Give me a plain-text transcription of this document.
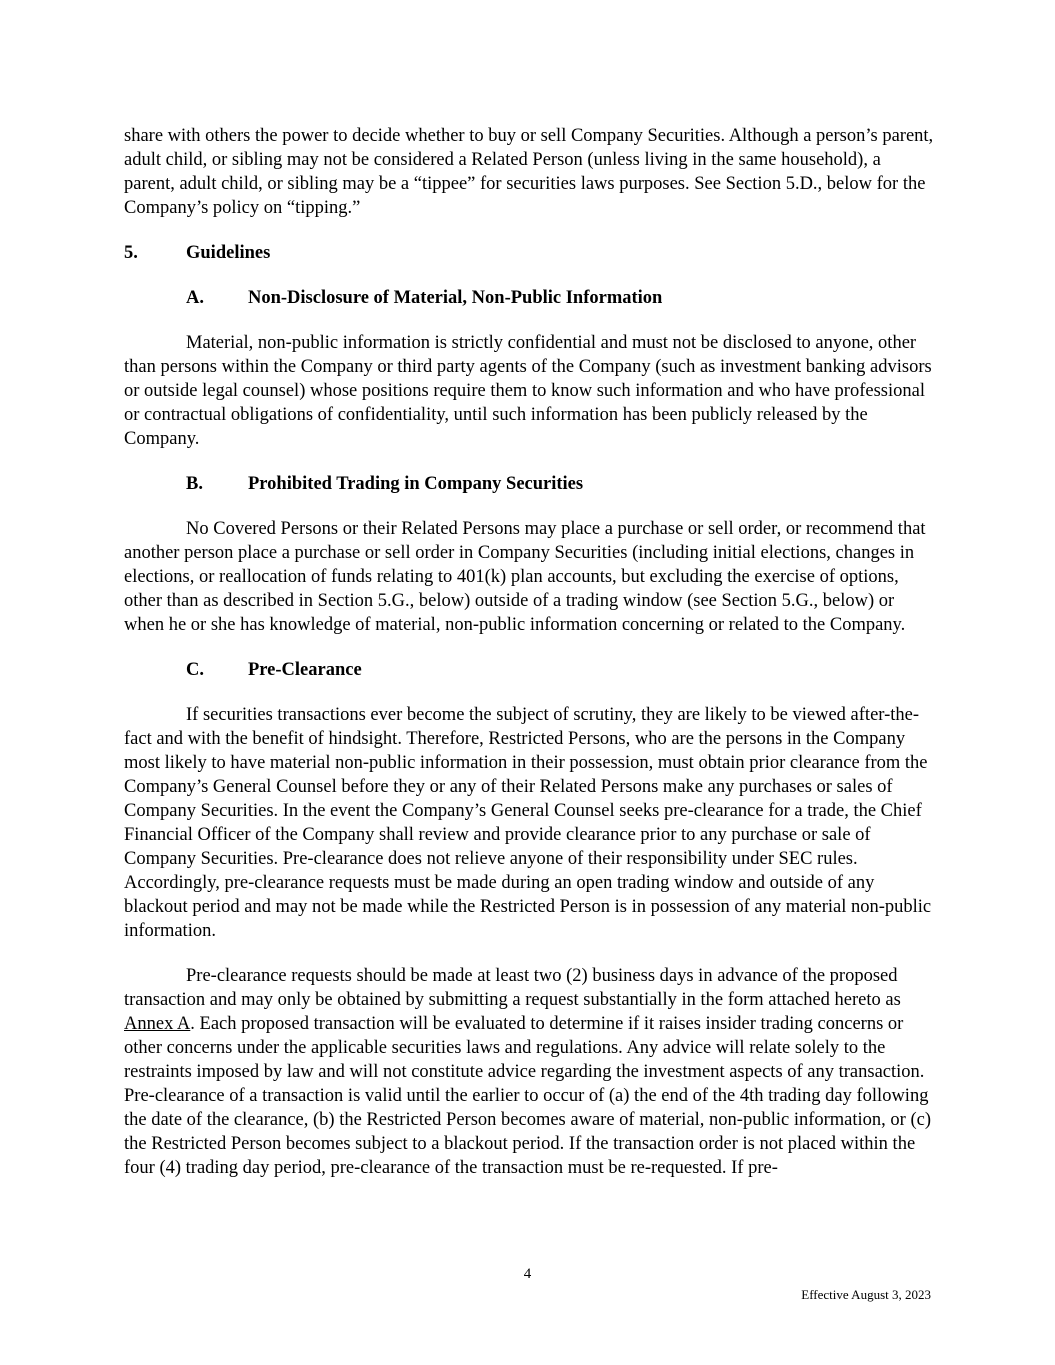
share with others the power to decide whether to buy or sell Company Securities. Although a person’s parent, adult child, or sibling may not be considered a Related Person (unless living in the same household), a parent, adult child, or sibling may be a “tippee” for securities laws purposes. See Section 5.D., below for the Company’s policy on “tipping.”

5.	Guidelines
A.	Non-Disclosure of Material, Non-Public Information

Material, non-public information is strictly confidential and must not be disclosed to anyone, other than persons within the Company or third party agents of the Company (such as investment banking advisors or outside legal counsel) whose positions require them to know such information and who have professional or contractual obligations of confidentiality, until such information has been publicly released by the Company.

B.	Prohibited Trading in Company Securities

No Covered Persons or their Related Persons may place a purchase or sell order, or recommend that another person place a purchase or sell order in Company Securities (including initial elections, changes in elections, or reallocation of funds relating to 401(k) plan accounts, but excluding the exercise of options, other than as described in Section 5.G., below) outside of a trading window (see Section 5.G., below) or when he or she has knowledge of material, non-public information concerning or related to the Company.

C.	Pre-Clearance

If securities transactions ever become the subject of scrutiny, they are likely to be viewed after-the-fact and with the benefit of hindsight. Therefore, Restricted Persons, who are the persons in the Company most likely to have material non-public information in their possession, must obtain prior clearance from the Company’s General Counsel before they or any of their Related Persons make any purchases or sales of Company Securities. In the event the Company’s General Counsel seeks pre-clearance for a trade, the Chief Financial Officer of the Company shall review and provide clearance prior to any purchase or sale of Company Securities. Pre-clearance does not relieve anyone of their responsibility under SEC rules. Accordingly, pre-clearance requests must be made during an open trading window and outside of any blackout period and may not be made while the Restricted Person is in possession of any material non-public information.

Pre-clearance requests should be made at least two (2) business days in advance of the proposed transaction and may only be obtained by submitting a request substantially in the form attached hereto as Annex A. Each proposed transaction will be evaluated to determine if it raises insider trading concerns or other concerns under the applicable securities laws and regulations. Any advice will relate solely to the restraints imposed by law and will not constitute advice regarding the investment aspects of any transaction. Pre-clearance of a transaction is valid until the earlier to occur of (a) the end of the 4th trading day following the date of the clearance, (b) the Restricted Person becomes aware of material, non-public information, or (c) the Restricted Person becomes subject to a blackout period. If the transaction order is not placed within the four (4) trading day period, pre-clearance of the transaction must be re-requested. If pre-

4
Effective August 3, 2023
